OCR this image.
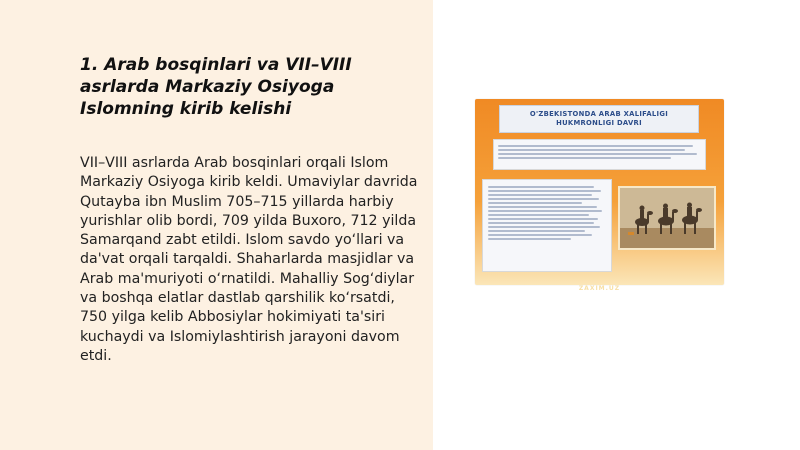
1. Arab bosqinlari va VII–VIII asrlarda Markaziy Osiyoga Islomning kirib kelishi

VII–VIII asrlarda Arab bosqinlari orqali Islom Markaziy Osiyoga kirib keldi. Umaviylar davrida Qutayba ibn Muslim 705–715 yillarda harbiy yurishlar olib bordi, 709 yilda Buxoro, 712 yilda Samarqand zabt etildi. Islom savdo yo‘llari va da'vat orqali tarqaldi. Shaharlarda masjidlar va Arab ma'muriyoti o‘rnatildi. Mahalliy Sog‘diylar va boshqa elatlar dastlab qarshilik ko‘rsatdi, 750 yilga kelib Abbosiylar hokimiyati ta'siri kuchaydi va Islomiylashtirish jarayoni davom etdi.

O'ZBEKISTONDA ARAB XALIFALIGI
HUKMRONLIGI DAVRI
ZAXIM.UZ
